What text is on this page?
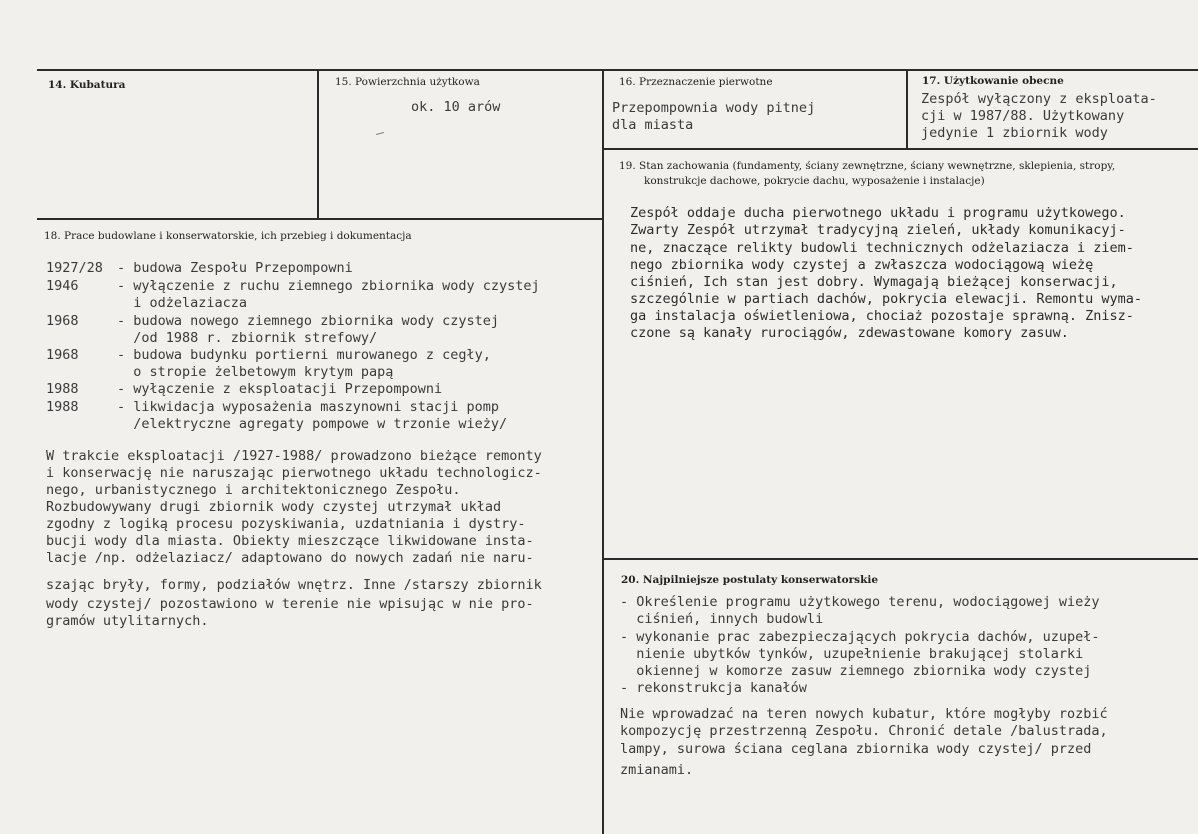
14. Kubatura	15. Powierzchnia użytkowa
ok. 10 arów
16. Przeznaczenie pierwotne
Przepompownia wody pitnej
dla miasta
17. Użytkowanie obecne
Zespół wyłączony z eksploata-
cji w 1987/88. Użytkowany
jedynie 1 zbiornik wody
18. Prace budowlane i konserwatorskie, ich przebieg i dokumentacja
1927/28 - budowa Zespołu Przepompowni
1946	- wyłączenie z ruchu ziemnego zbiornika wody czystej
i odżelaziacza
1968	- budowa nowego ziemnego zbiornika wody czystej
/od 1988 r. zbiornik strefowy/
1968	- budowa budynku portierni murowanego z cegły,
o stropie żelbetowym krytym papą
1988	- wyłączenie z eksploatacji Przepompowni
1988	- likwidacja wyposażenia maszynowni stacji pomp
/elektryczne agregaty pompowe w trzonie wieży/
W trakcie eksploatacji /1927-1988/ prowadzono bieżące remonty
i konserwację nie naruszając pierwotnego układu technologicz-
nego, urbanistycznego i architektonicznego Zespołu.
Rozbudowywany drugi zbiornik wody czystej utrzymał układ
zgodny z logiką procesu pozyskiwania, uzdatniania i dystry-
bucji wody dla miasta. Obiekty mieszczące likwidowane insta-
lacje /np. odżelaziacz/ adaptowano do nowych zadań nie naru-
szając bryły, formy, podziałów wnętrz. Inne /starszy zbiornik
wody czystej/ pozostawiono w terenie nie wpisując w nie pro-
gramów utylitarnych.
19. Stan zachowania (fundamenty, ściany zewnętrzne, ściany wewnętrzne, sklepienia, stropy,
konstrukcje dachowe, pokrycie dachu, wyposażenie i instalacje)
Zespół oddaje ducha pierwotnego układu i programu użytkowego.
Zwarty Zespół utrzymał tradycyjną zieleń, układy komunikacyj-
ne, znaczące relikty budowli technicznych odżelaziacza i ziem-
nego zbiornika wody czystej a zwłaszcza wodociągową wieżę
ciśnień, Ich stan jest dobry. Wymagają bieżącej konserwacji,
szczególnie w partiach dachów, pokrycia elewacji. Remontu wyma-
ga instalacja oświetleniowa, chociaż pozostaje sprawną. Znisz-
czone są kanały rurociągów, zdewastowane komory zasuw.
20. Najpilniejsze postulaty konserwatorskie
- Określenie programu użytkowego terenu, wodociągowej wieży
ciśnień, innych budowli
- wykonanie prac zabezpieczających pokrycia dachów, uzupeł-
nienie ubytków tynków, uzupełnienie brakującej stolarki
okiennej w komorze zasuw ziemnego zbiornika wody czystej
- rekonstrukcja kanałów
Nie wprowadzać na teren nowych kubatur, które mogłyby rozbić
kompozycję przestrzenną Zespołu. Chronić detale /balustrada,
lampy, surowa ściana ceglana zbiornika wody czystej/ przed
zmianami.
